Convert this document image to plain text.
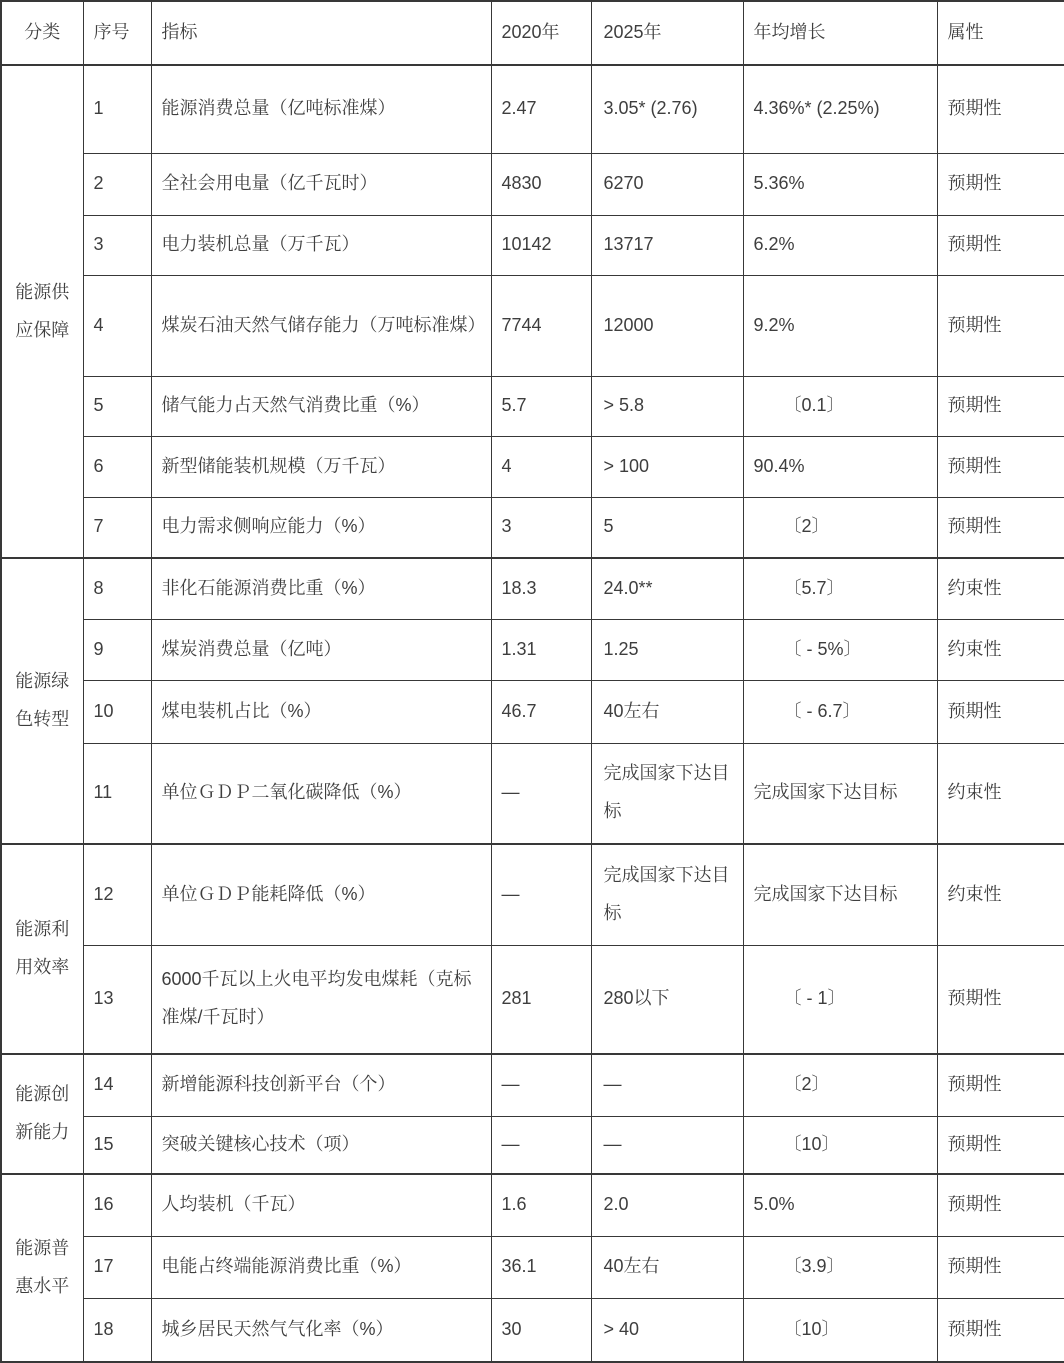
分类	序号	指标	2020年	2025年	年均增长	属性
能源供应保障	1	能源消费总量（亿吨标准煤）	2.47	3.05* (2.76)	4.36%* (2.25%)	预期性
	2	全社会用电量（亿千瓦时）	4830	6270	5.36%	预期性
	3	电力装机总量（万千瓦）	10142	13717	6.2%	预期性
	4	煤炭石油天然气储存能力（万吨标准煤）	7744	12000	9.2%	预期性
	5	储气能力占天然气消费比重（%）	5.7	> 5.8	〔0.1〕	预期性
	6	新型储能装机规模（万千瓦）	4	> 100	90.4%	预期性
	7	电力需求侧响应能力（%）	3	5	〔2〕	预期性
能源绿色转型	8	非化石能源消费比重（%）	18.3	24.0**	〔5.7〕	约束性
	9	煤炭消费总量（亿吨）	1.31	1.25	〔 - 5%〕	约束性
	10	煤电装机占比（%）	46.7	40左右	〔 - 6.7〕	预期性
	11	单位ＧＤＰ二氧化碳降低（%）	—	完成国家下达目标	完成国家下达目标	约束性
能源利用效率	12	单位ＧＤＰ能耗降低（%）	—	完成国家下达目标	完成国家下达目标	约束性
	13	6000千瓦以上火电平均发电煤耗（克标准煤/千瓦时）	281	280以下	〔 - 1〕	预期性
能源创新能力	14	新增能源科技创新平台（个）	—	—	〔2〕	预期性
	15	突破关键核心技术（项）	—	—	〔10〕	预期性
能源普惠水平	16	人均装机（千瓦）	1.6	2.0	5.0%	预期性
	17	电能占终端能源消费比重（%）	36.1	40左右	〔3.9〕	预期性
	18	城乡居民天然气气化率（%）	30	> 40	〔10〕	预期性
